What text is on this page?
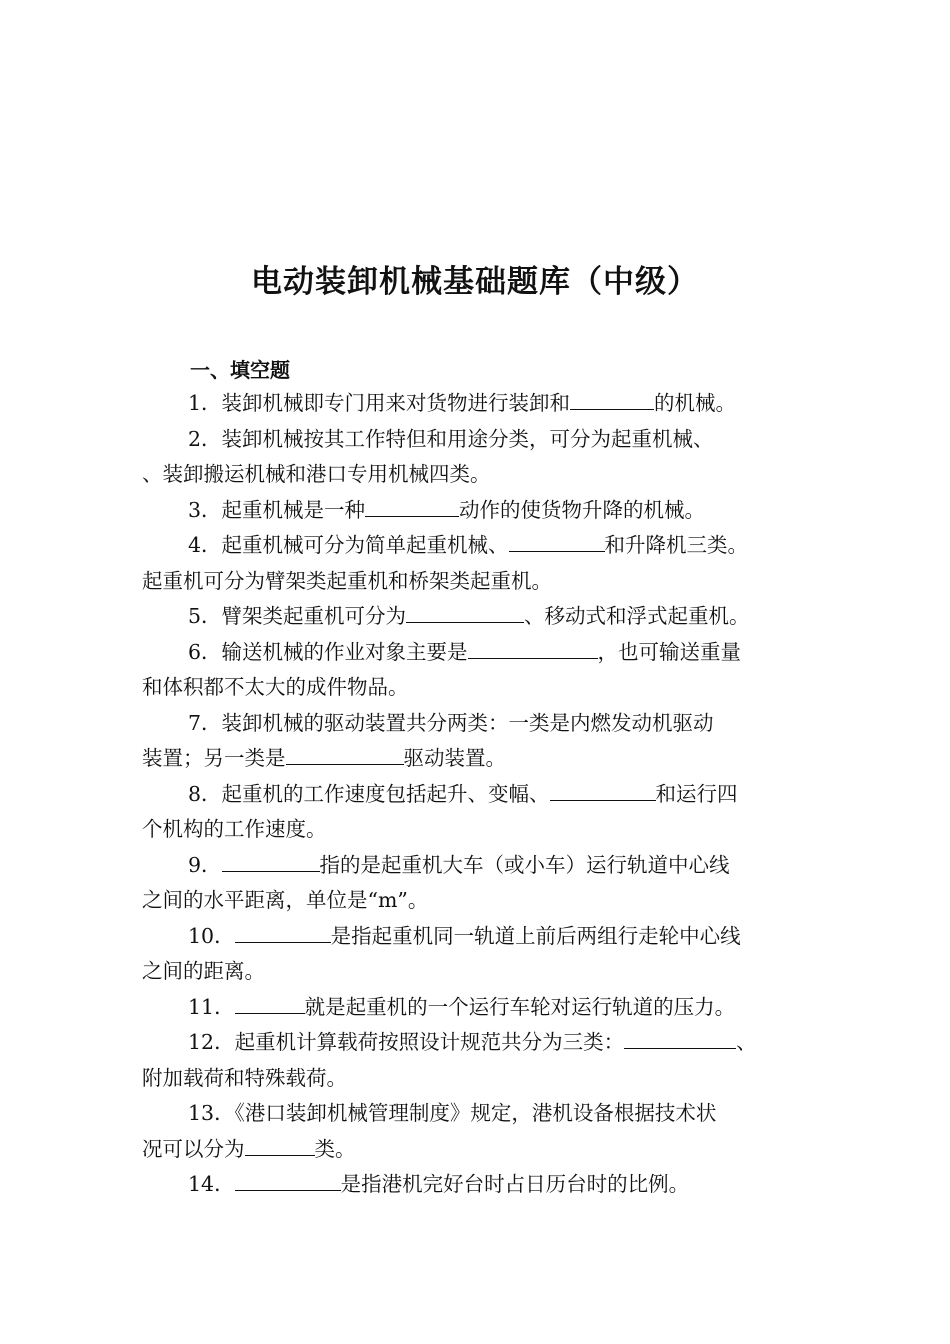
电动装卸机械基础题库（中级）
一、填空题
1．装卸机械即专门用来对货物进行装卸和	的机械。
2．装卸机械按其工作特但和用途分类，可分为起重机械、
、装卸搬运机械和港口专用机械四类。
3．起重机械是一种	动作的使货物升降的机械。
4．起重机械可分为简单起重机械、	和升降机三类。
起重机可分为臂架类起重机和桥架类起重机。
5．臂架类起重机可分为	、移动式和浮式起重机。
6．输送机械的作业对象主要是	，也可输送重量
和体积都不太大的成件物品。
7．装卸机械的驱动装置共分两类：一类是内燃发动机驱动
装置；另一类是	驱动装置。
8．起重机的工作速度包括起升、变幅、	和运行四
个机构的工作速度。
9．	指的是起重机大车（或小车）运行轨道中心线
之间的水平距离，单位是“m”。
10．	是指起重机同一轨道上前后两组行走轮中心线
之间的距离。
11．	就是起重机的一个运行车轮对运行轨道的压力。
12．起重机计算载荷按照设计规范共分为三类：	、
附加载荷和特殊载荷。
13．《港口装卸机械管理制度》规定，港机设备根据技术状
况可以分为	类。
14．	是指港机完好台时占日历台时的比例。
